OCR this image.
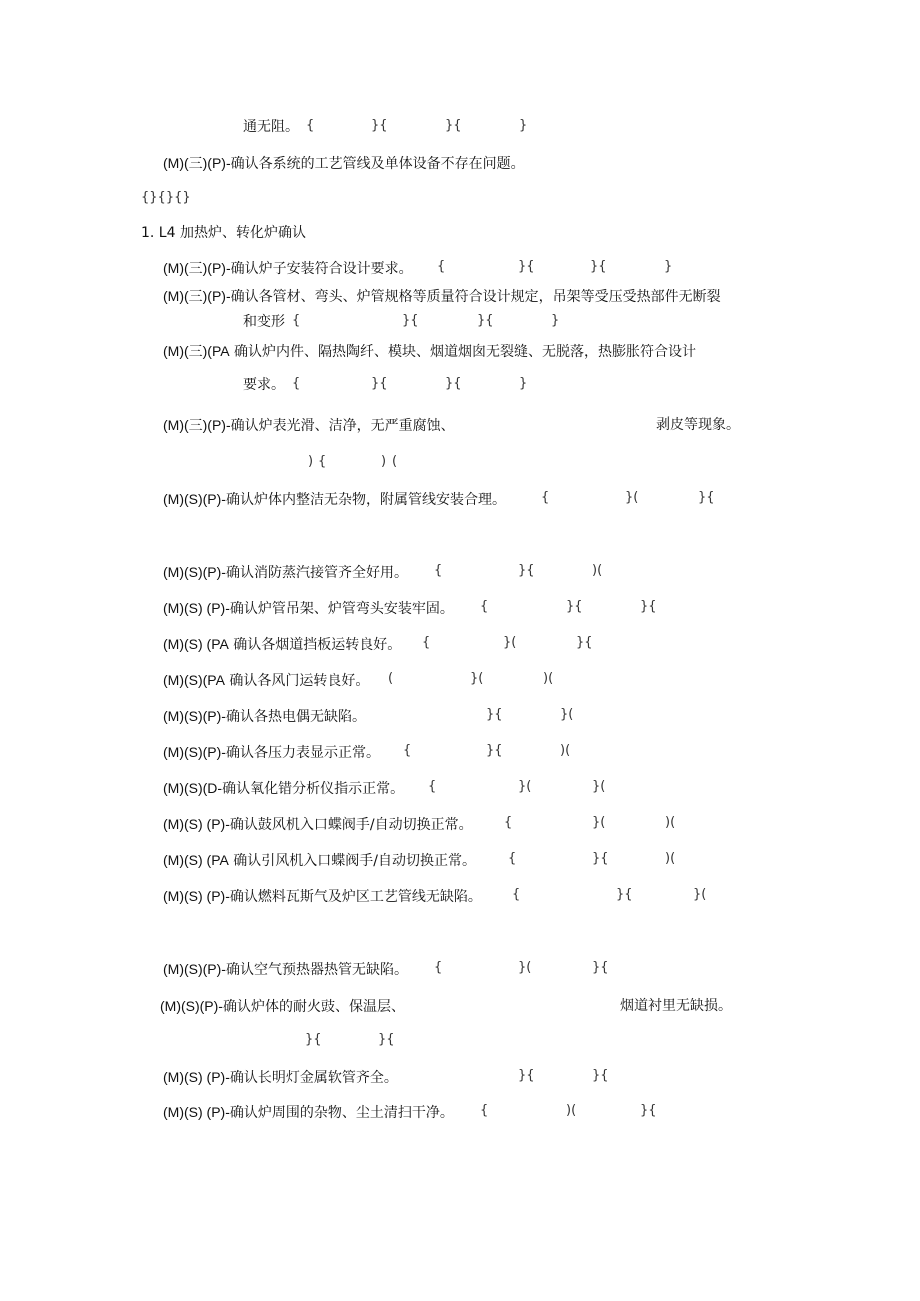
通无阻。 {	}{	}{	}
(M)(三)(P)-确认各系统的工艺管线及单体设备不存在问题。
{}{}{}
1. L4 加热炉、转化炉确认
(M)(三)(P)-确认炉子安装符合设计要求。 {	}{	}{	}
(M)(三)(P)-确认各管材、弯头、炉管规格等质量符合设计规定，吊架等受压受热部件无断裂
和变形 {	}{	}{	}
(M)(三)(PA 确认炉内件、隔热陶纤、模块、烟道烟囱无裂缝、无脱落，热膨胀符合设计
要求。 {	}{	}{	}
(M)(三)(P)-确认炉表光滑、洁净，无严重腐蚀、	剥皮等现象。
) {	) (
(M)(S)(P)-确认炉体内整洁无杂物，附属管线安装合理。	{	}(	}{
(M)(S)(P)-确认消防蒸汽接管齐全好用。 {	}{	)(
(M)(S) (P)-确认炉管吊架、炉管弯头安装牢固。 {	}{	}{
(M)(S) (PA 确认各烟道挡板运转良好。 {	}(	}{
(M)(S)(PA 确认各风门运转良好。 (	}(	)(
(M)(S)(P)-确认各热电偶无缺陷。	}{	}(
(M)(S)(P)-确认各压力表显示正常。 {	}{	)(
(M)(S)(D-确认氧化错分析仪指示正常。 {	}(	}(
(M)(S) (P)-确认鼓风机入口蝶阀手/自动切换正常。 {	}(	)(
(M)(S) (PA 确认引风机入口蝶阀手/自动切换正常。 {	}{	)(
(M)(S) (P)-确认燃料瓦斯气及炉区工艺管线无缺陷。 {	}{	}(
(M)(S)(P)-确认空气预热器热管无缺陷。 {	}(	}{
(M)(S)(P)-确认炉体的耐火豉、保温层、	烟道衬里无缺损。
}{	}{
(M)(S) (P)-确认长明灯金属软管齐全。	}{	}{
(M)(S) (P)-确认炉周围的杂物、尘土清扫干净。 {	)(	}{
